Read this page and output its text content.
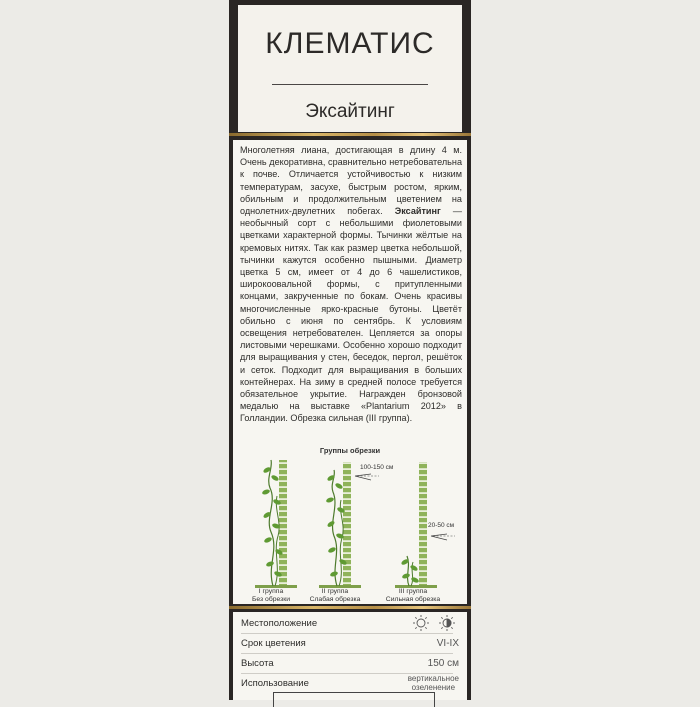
КЛЕМАТИС
Эксайтинг

Многолетняя лиана, достигающая в длину 4 м. Очень декоративна, сравнительно нетребовательна к почве. Отличается устойчивостью к низким температурам, засухе, быстрым ростом, ярким, обильным и продолжительным цветением на однолетних-двулетних побегах. Эксайтинг — необычный сорт с небольшими фиолетовыми цветками характерной формы. Тычинки жёлтые на кремовых нитях. Так как размер цветка небольшой, тычинки кажутся особенно пышными. Диаметр цветка 5 см, имеет от 4 до 6 чашелистиков, широкоовальной формы, с притупленными концами, закрученные по бокам. Очень красивы многочисленные ярко-красные бутоны. Цветёт обильно с июня по сентябрь. К условиям освещения нетребователен. Цепляется за опоры листовыми черешками. Особенно хорошо подходит для выращивания у стен, беседок, пергол, решёток и сеток. Подходит для выращивания в больших контейнерах. На зиму в средней полосе требуется обязательное укрытие. Награжден бронзовой медалью на выставке «Plantarium 2012» в Голландии. Обрезка сильная (III группа).

Группы обрезки
100-150 см
20-50 см
I группа
Без обрезки
II группа
Слабая обрезка
III группа
Сильная обрезка
Местоположение
Срок цветения	VI-IX
Высота	150 см
Использование	вертикальное
озеленение
